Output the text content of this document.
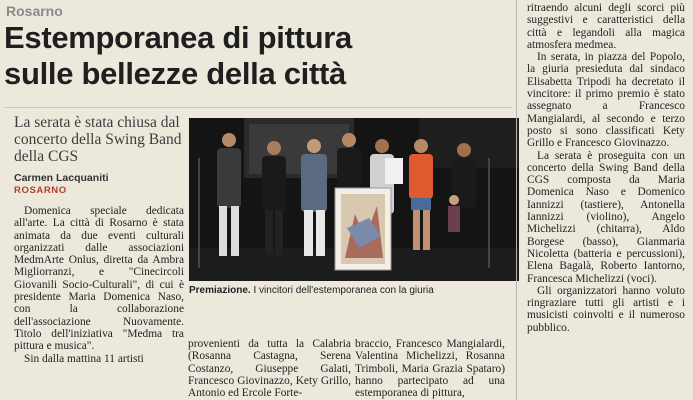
Rosarno
Estemporanea di pittura
sulle bellezze della città
La serata è stata chiusa dal concerto della Swing Band della CGS
Carmen Lacquaniti
ROSARNO

Domenica speciale dedicata all'arte. La città di Rosarno è stata animata da due eventi culturali organizzati dalle associazioni MedmArte Onlus, diretta da Ambra Migliorranzi, e "Cinecircoli Giovanili Socio-Culturali", di cui è presidente Maria Domenica Naso, con la collaborazione dell'associazione Nuovamente. Titolo dell'iniziativa "Medma tra pittura e musica".

Sin dalla mattina 11 artisti

Premiazione. I vincitori dell'estemporanea con la giuria

provenienti da tutta la Calabria (Rosanna Castagna, Serena Costanzo, Giuseppe Galati, Francesco Giovinazzo, Kety Grillo, Antonio ed Ercole Forte-

braccio, Francesco Mangialardi, Valentina Michelizzi, Rosanna Trimboli, Maria Grazia Spataro) hanno partecipato ad una estemporanea di pittura,

ritraendo alcuni degli scorci più suggestivi e caratteristici della città e legandoli alla magica atmosfera medmea.

In serata, in piazza del Popolo, la giuria presieduta dal sindaco Elisabetta Tripodi ha decretato il vincitore: il primo premio è stato assegnato a Francesco Mangialardi, al secondo e terzo posto si sono classificati Kety Grillo e Francesco Giovinazzo.

La serata è proseguita con un concerto della Swing Band della CGS composta da Maria Domenica Naso e Domenico Iannizzi (tastiere), Antonella Iannizzi (violino), Angelo Michelizzi (chitarra), Aldo Borgese (basso), Gianmaria Nicoletta (batteria e percussioni), Elena Bagalà, Roberto Iantorno, Francesca Michelizzi (voci).

Gli organizzatori hanno voluto ringraziare tutti gli artisti e i musicisti coinvolti e il numeroso pubblico.
